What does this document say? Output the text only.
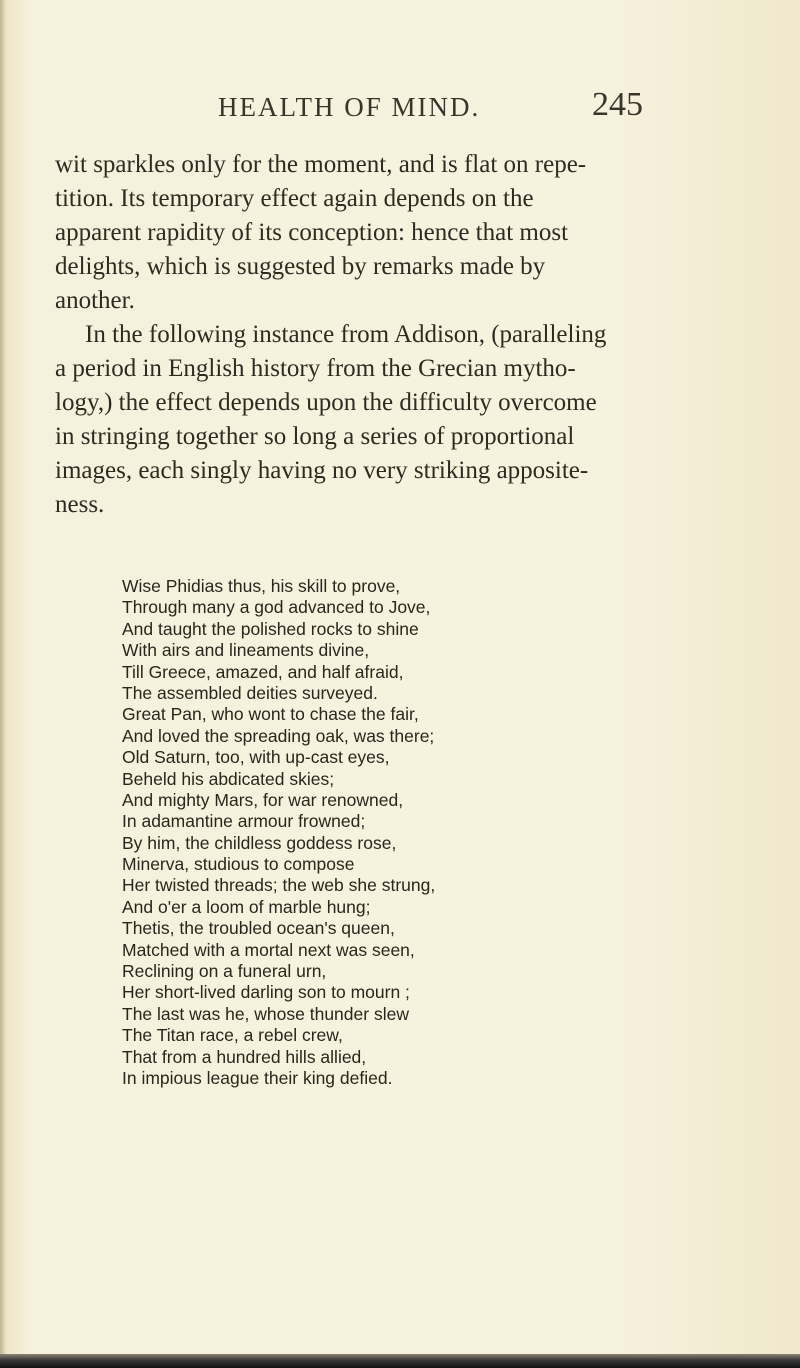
HEALTH OF MIND.	245
wit sparkles only for the moment, and is flat on repe-
tition. Its temporary effect again depends on the
apparent rapidity of its conception: hence that most
delights, which is suggested by remarks made by
another.
In the following instance from Addison, (paralleling
a period in English history from the Grecian mytho-
logy,) the effect depends upon the difficulty overcome
in stringing together so long a series of proportional
images, each singly having no very striking apposite-
ness.
Wise Phidias thus, his skill to prove,
Through many a god advanced to Jove,
And taught the polished rocks to shine
With airs and lineaments divine,
Till Greece, amazed, and half afraid,
The assembled deities surveyed.
Great Pan, who wont to chase the fair,
And loved the spreading oak, was there;
Old Saturn, too, with up-cast eyes,
Beheld his abdicated skies;
And mighty Mars, for war renowned,
In adamantine armour frowned;
By him, the childless goddess rose,
Minerva, studious to compose
Her twisted threads; the web she strung,
And o'er a loom of marble hung;
Thetis, the troubled ocean's queen,
Matched with a mortal next was seen,
Reclining on a funeral urn,
Her short-lived darling son to mourn ;
The last was he, whose thunder slew
The Titan race, a rebel crew,
That from a hundred hills allied,
In impious league their king defied.
